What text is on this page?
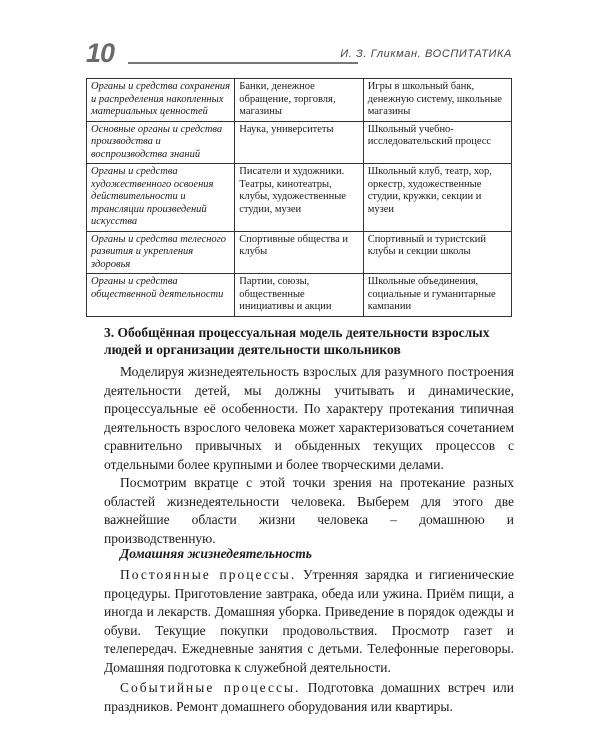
10	И. З. Гликман. ВОСПИТАТИКА
Органы и средства сохранения и распределения накопленных материальных ценностей	Банки, денежное обращение, торговля, магазины	Игры в школьный банк, денежную систему, школьные магазины
Основные органы и средства производства и воспроизводства знаний	Наука, университеты	Школьный учебно-исследовательский процесс
Органы и средства художественного освоения действительности и трансляции произведений искусства	Писатели и художники. Театры, кинотеатры, клубы, художественные студии, музеи	Школьный клуб, театр, хор, оркестр, художественные студии, кружки, секции и музеи
Органы и средства телесного развития и укрепления здоровья	Спортивные общества и клубы	Спортивный и туристский клубы и секции школы
Органы и средства общественной деятельности	Партии, союзы, общественные инициативы и акции	Школьные объединения, социальные и гуманитарные кампании
3. Обобщённая процессуальная модель деятельности взрослых людей и организации деятельности школьников

Моделируя жизнедеятельность взрослых для разумного построения деятельности детей, мы должны учитывать и динамические, процессуальные её особенности. По характеру протекания типичная деятельность взрослого человека может характеризоваться сочетанием сравнительно привычных и обыденных текущих процессов с отдельными более крупными и более творческими делами.

Посмотрим вкратце с этой точки зрения на протекание разных областей жизнедеятельности человека. Выберем для этого две важнейшие области жизни человека – домашнюю и производственную.

Домашняя жизнедеятельность

Постоянные процессы. Утренняя зарядка и гигиенические процедуры. Приготовление завтрака, обеда или ужина. Приём пищи, а иногда и лекарств. Домашняя уборка. Приведение в порядок одежды и обуви. Текущие покупки продовольствия. Просмотр газет и телепередач. Ежедневные занятия с детьми. Телефонные переговоры. Домашняя подготовка к служебной деятельности.

Событийные процессы. Подготовка домашних встреч или праздников. Ремонт домашнего оборудования или квартиры.
